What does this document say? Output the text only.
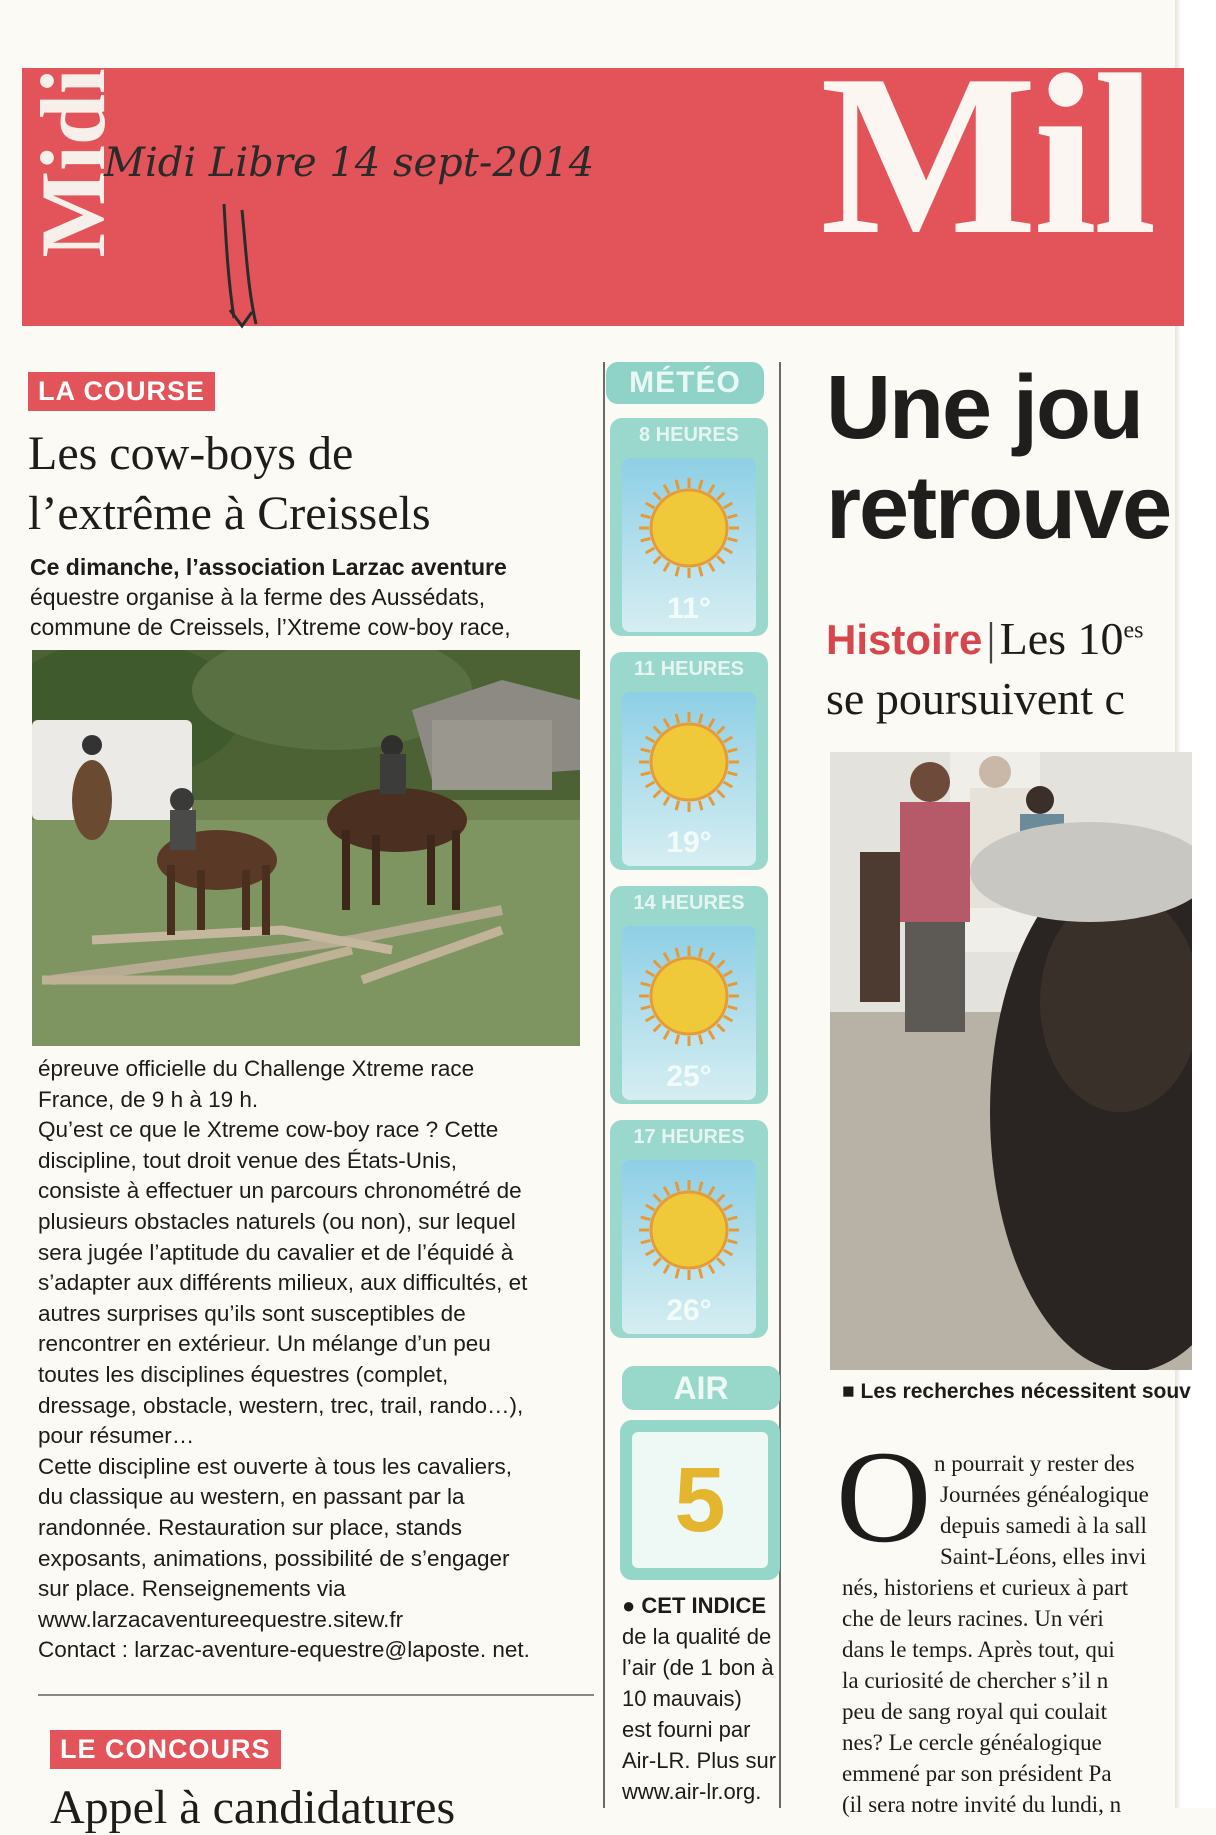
Midi	Mil
Midi Libre 14 sept-2014
LA COURSE
Les cow-boys de
l’extrême à Creissels
Ce dimanche, l’association Larzac aventure
équestre organise à la ferme des Aussédats,
commune de Creissels, l’Xtreme cow-boy race,

épreuve officielle du Challenge Xtreme race

France, de 9 h à 19 h.

Qu’est ce que le Xtreme cow-boy race ? Cette

discipline, tout droit venue des États-Unis,

consiste à effectuer un parcours chronométré de

plusieurs obstacles naturels (ou non), sur lequel

sera jugée l’aptitude du cavalier et de l’équidé à

s’adapter aux différents milieux, aux difficultés, et

autres surprises qu’ils sont susceptibles de

rencontrer en extérieur. Un mélange d’un peu

toutes les disciplines équestres (complet,

dressage, obstacle, western, trec, trail, rando…),

pour résumer…

Cette discipline est ouverte à tous les cavaliers,

du classique au western, en passant par la

randonnée. Restauration sur place, stands

exposants, animations, possibilité de s’engager

sur place. Renseignements via

www.larzacaventureequestre.sitew.fr

Contact : larzac-aventure-equestre@laposte. net.

LE CONCOURS
Appel à candidatures
MÉTÉO
8 HEURES
11°
11 HEURES
19°
14 HEURES
25°
17 HEURES
26°
AIR
5
● CET INDICE
de la qualité de
l’air (de 1 bon à
10 mauvais)
est fourni par
Air-LR. Plus sur
www.air-lr.org.
Une jou
retrouve
Histoire|Les $10^{es}$
se poursuivent c
■ Les recherches nécessitent souv
O n pourrait y rester des
Journées généalogique
depuis samedi à la sall
Saint-Léons, elles invi
nés, historiens et curieux à part
che de leurs racines. Un véri
dans le temps. Après tout, qui
la curiosité de chercher s’il n
peu de sang royal qui coulait
nes? Le cercle généalogique
emmené par son président Pa
(il sera notre invité du lundi, n
